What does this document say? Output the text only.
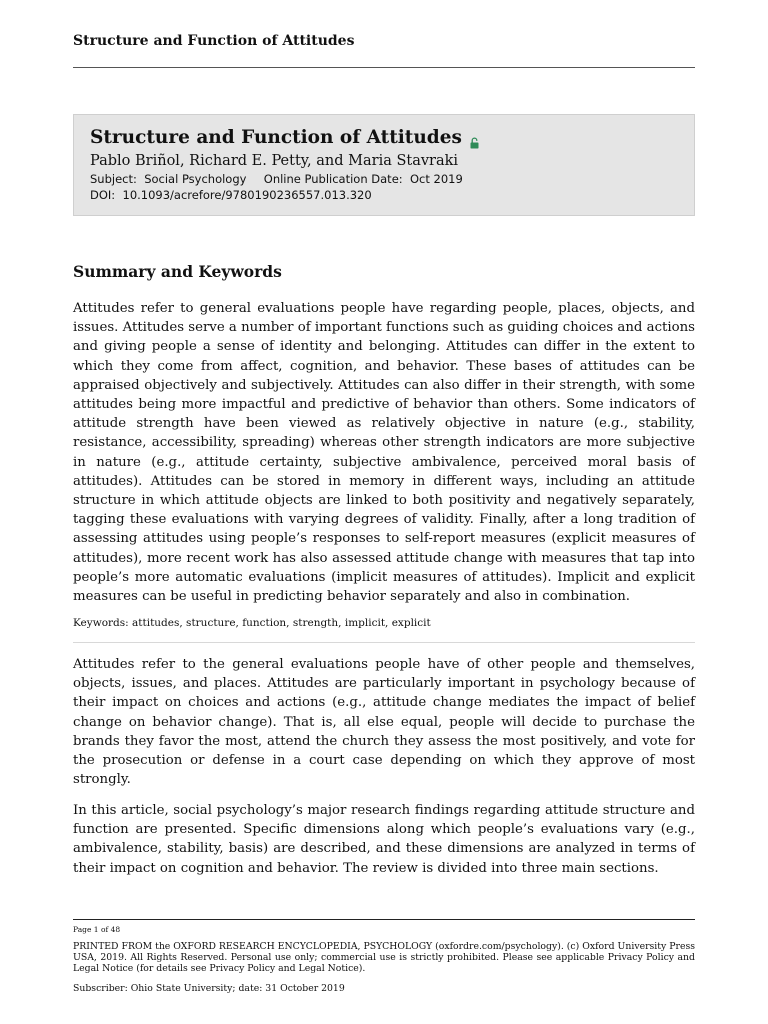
Structure and Function of Attitudes
Structure and Function of Attitudes
Pablo Briñol, Richard E. Petty, and Maria Stavraki
Subject: Social Psychology Online Publication Date: Oct 2019
DOI: 10.1093/acrefore/9780190236557.013.320
Summary and Keywords

Attitudes refer to general evaluations people have regarding people, places, objects, and issues. Attitudes serve a number of important functions such as guiding choices and actions and giving people a sense of identity and belonging. Attitudes can differ in the extent to which they come from affect, cognition, and behavior. These bases of attitudes can be appraised objectively and subjectively. Attitudes can also differ in their strength, with some attitudes being more impactful and predictive of behavior than others. Some indicators of attitude strength have been viewed as relatively objective in nature (e.g., stability, resistance, accessibility, spreading) whereas other strength indicators are more subjective in nature (e.g., attitude certainty, subjective ambivalence, perceived moral basis of attitudes). Attitudes can be stored in memory in different ways, including an attitude structure in which attitude objects are linked to both positivity and negatively separately, tagging these evaluations with varying degrees of validity. Finally, after a long tradition of assessing attitudes using people’s responses to self-report measures (explicit measures of attitudes), more recent work has also assessed attitude change with measures that tap into people’s more automatic evaluations (implicit measures of attitudes). Implicit and explicit measures can be useful in predicting behavior separately and also in combination.

Keywords: attitudes, structure, function, strength, implicit, explicit

Attitudes refer to the general evaluations people have of other people and themselves, objects, issues, and places. Attitudes are particularly important in psychology because of their impact on choices and actions (e.g., attitude change mediates the impact of belief change on behavior change). That is, all else equal, people will decide to purchase the brands they favor the most, attend the church they assess the most positively, and vote for the prosecution or defense in a court case depending on which they approve of most strongly.

In this article, social psychology’s major research findings regarding attitude structure and function are presented. Specific dimensions along which people’s evaluations vary (e.g., ambivalence, stability, basis) are described, and these dimensions are analyzed in terms of their impact on cognition and behavior. The review is divided into three main sections.

Page 1 of 48
PRINTED FROM the OXFORD RESEARCH ENCYCLOPEDIA, PSYCHOLOGY (oxfordre.com/psychology). (c) Oxford University Press USA, 2019. All Rights Reserved. Personal use only; commercial use is strictly prohibited. Please see applicable Privacy Policy and Legal Notice (for details see Privacy Policy and Legal Notice).
Subscriber: Ohio State University; date: 31 October 2019
